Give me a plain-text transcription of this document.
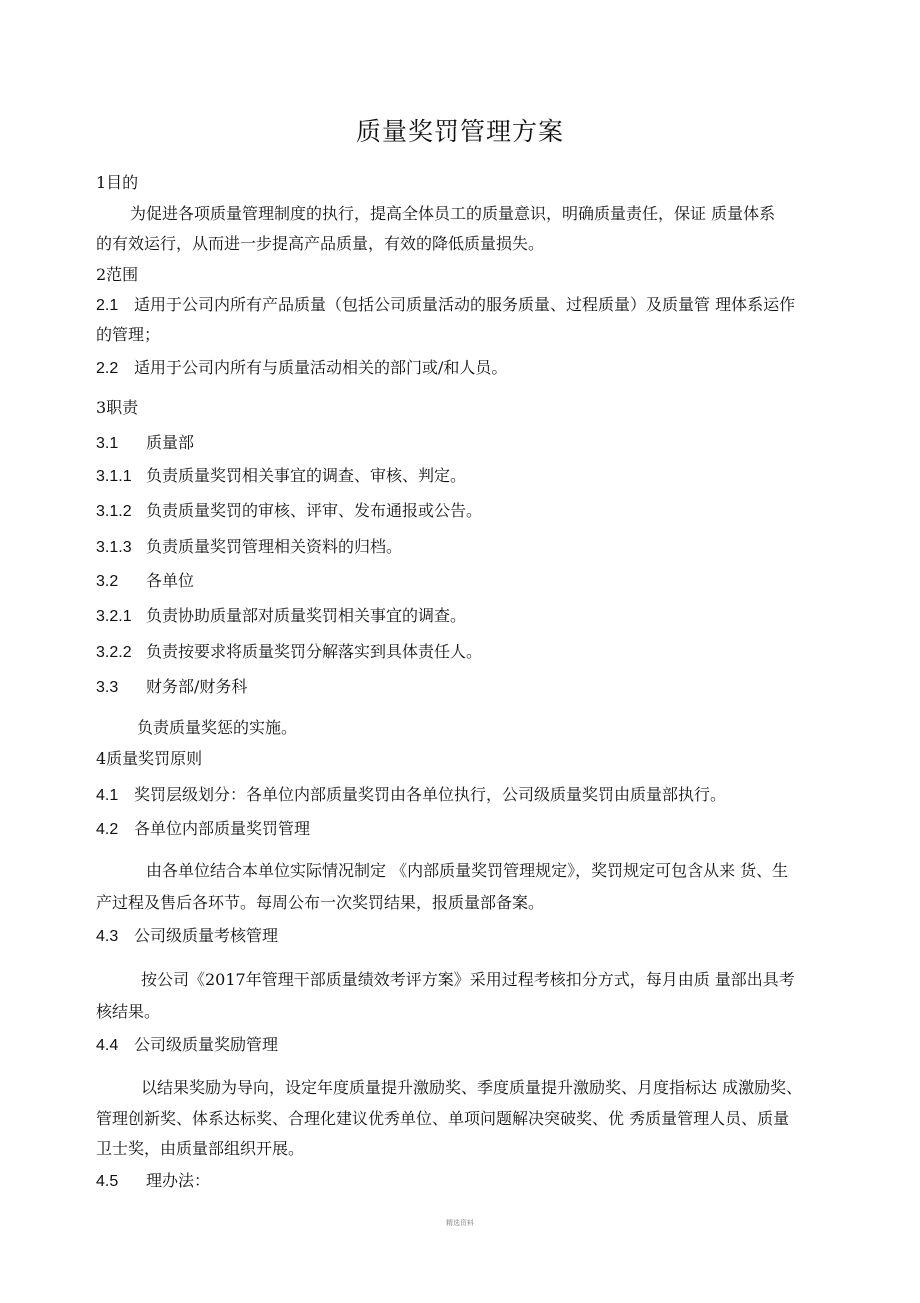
质量奖罚管理方案
1目的
为促进各项质量管理制度的执行，提高全体员工的质量意识，明确质量责任，保证 质量体系
的有效运行，从而进一步提高产品质量，有效的降低质量损失。
2范围
2.1 适用于公司内所有产品质量（包括公司质量活动的服务质量、过程质量）及质量管 理体系运作
的管理；
2.2 适用于公司内所有与质量活动相关的部门或/和人员。
3职责
3.1 质量部
3.1.1 负责质量奖罚相关事宜的调查、审核、判定。
3.1.2 负责质量奖罚的审核、评审、发布通报或公告。
3.1.3 负责质量奖罚管理相关资料的归档。
3.2 各单位
3.2.1 负责协助质量部对质量奖罚相关事宜的调查。
3.2.2 负责按要求将质量奖罚分解落实到具体责任人。
3.3 财务部/财务科
负责质量奖惩的实施。
4质量奖罚原则
4.1 奖罚层级划分：各单位内部质量奖罚由各单位执行，公司级质量奖罚由质量部执行。
4.2 各单位内部质量奖罚管理
由各单位结合本单位实际情况制定 《内部质量奖罚管理规定》，奖罚规定可包含从来 货、生
产过程及售后各环节。每周公布一次奖罚结果，报质量部备案。
4.3 公司级质量考核管理
按公司《2017年管理干部质量绩效考评方案》采用过程考核扣分方式，每月由质 量部出具考
核结果。
4.4 公司级质量奖励管理
以结果奖励为导向，设定年度质量提升激励奖、季度质量提升激励奖、月度指标达 成激励奖、
管理创新奖、体系达标奖、合理化建议优秀单位、单项问题解决突破奖、优 秀质量管理人员、质量
卫士奖，由质量部组织开展。
4.5 理办法：
精选资料
